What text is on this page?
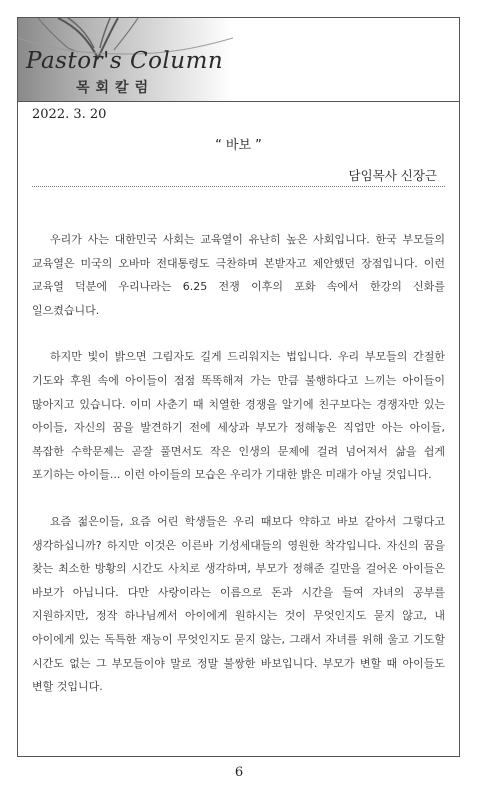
Pastor's Column
목회칼럼
2022. 3. 20
“ 바보 ”
담임목사 신장근

우리가 사는 대한민국 사회는 교육열이 유난히 높은 사회입니다. 한국 부모들의 교육열은 미국의 오바마 전대통령도 극찬하며 본받자고 제안했던 장점입니다. 이런 교육열 덕분에 우리나라는 6.25 전쟁 이후의 포화 속에서 한강의 신화를 일으켰습니다.

하지만 빛이 밝으면 그림자도 길게 드리워지는 법입니다. 우리 부모들의 간절한 기도와 후원 속에 아이들이 점점 똑똑해져 가는 만큼 불행하다고 느끼는 아이들이 많아지고 있습니다. 이미 사춘기 때 치열한 경쟁을 알기에 친구보다는 경쟁자만 있는 아이들, 자신의 꿈을 발견하기 전에 세상과 부모가 정해놓은 직업만 아는 아이들, 복잡한 수학문제는 곧잘 풀면서도 작은 인생의 문제에 걸려 넘어져서 삶을 쉽게 포기하는 아이들... 이런 아이들의 모습은 우리가 기대한 밝은 미래가 아닐 것입니다.

요즘 젊은이들, 요즘 어린 학생들은 우리 때보다 약하고 바보 같아서 그렇다고 생각하십니까? 하지만 이것은 이른바 기성세대들의 영원한 착각입니다. 자신의 꿈을 찾는 최소한 방황의 시간도 사치로 생각하며, 부모가 정해준 길만을 걸어온 아이들은 바보가 아닙니다. 다만 사랑이라는 이름으로 돈과 시간을 들여 자녀의 공부를 지원하지만, 정작 하나님께서 아이에게 원하시는 것이 무엇인지도 묻지 않고, 내 아이에게 있는 독특한 재능이 무엇인지도 묻지 않는, 그래서 자녀를 위해 울고 기도할 시간도 없는 그 부모들이야 말로 정말 불쌍한 바보입니다. 부모가 변할 때 아이들도 변할 것입니다.

6
